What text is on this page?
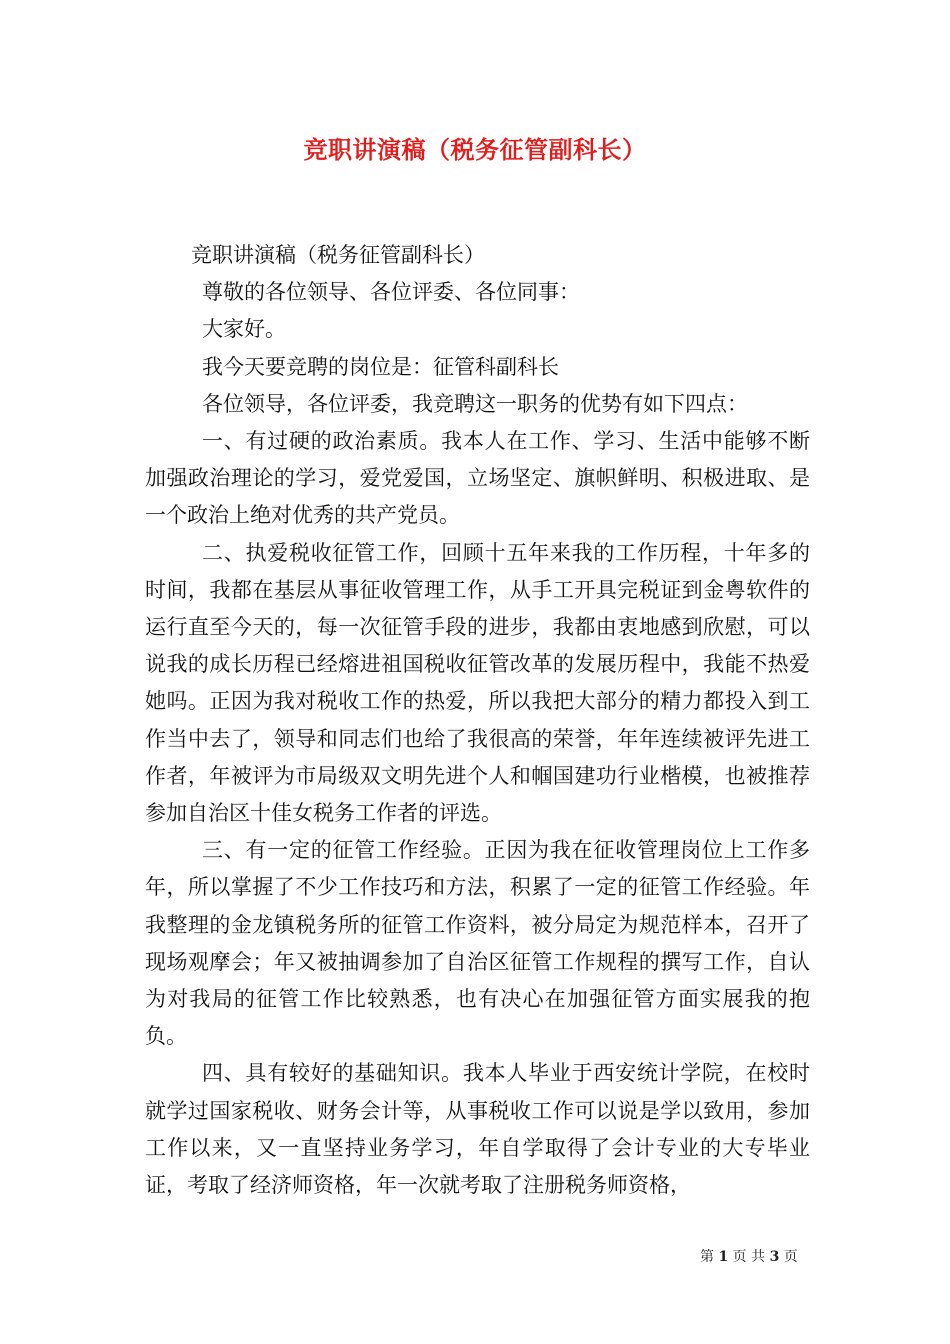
竞职讲演稿（税务征管副科长）

竞职讲演稿（税务征管副科长）

尊敬的各位领导、各位评委、各位同事：

大家好。

我今天要竞聘的岗位是：征管科副科长

各位领导，各位评委，我竞聘这一职务的优势有如下四点：

一、有过硬的政治素质。我本人在工作、学习、生活中能够不断加强政治理论的学习，爱党爱国，立场坚定、旗帜鲜明、积极进取、是一个政治上绝对优秀的共产党员。

二、执爱税收征管工作，回顾十五年来我的工作历程，十年多的时间，我都在基层从事征收管理工作，从手工开具完税证到金粤软件的运行直至今天的，每一次征管手段的进步，我都由衷地感到欣慰，可以说我的成长历程已经熔进祖国税收征管改革的发展历程中，我能不热爱她吗。正因为我对税收工作的热爱，所以我把大部分的精力都投入到工作当中去了，领导和同志们也给了我很高的荣誉，年年连续被评先进工作者，年被评为市局级双文明先进个人和帼国建功行业楷模，也被推荐参加自治区十佳女税务工作者的评选。

三、有一定的征管工作经验。正因为我在征收管理岗位上工作多年，所以掌握了不少工作技巧和方法，积累了一定的征管工作经验。年我整理的金龙镇税务所的征管工作资料，被分局定为规范样本，召开了现场观摩会；年又被抽调参加了自治区征管工作规程的撰写工作，自认为对我局的征管工作比较熟悉，也有决心在加强征管方面实展我的抱负。

四、具有较好的基础知识。我本人毕业于西安统计学院，在校时就学过国家税收、财务会计等，从事税收工作可以说是学以致用，参加工作以来，又一直坚持业务学习，年自学取得了会计专业的大专毕业证，考取了经济师资格，年一次就考取了注册税务师资格，

第 1 页 共 3 页
